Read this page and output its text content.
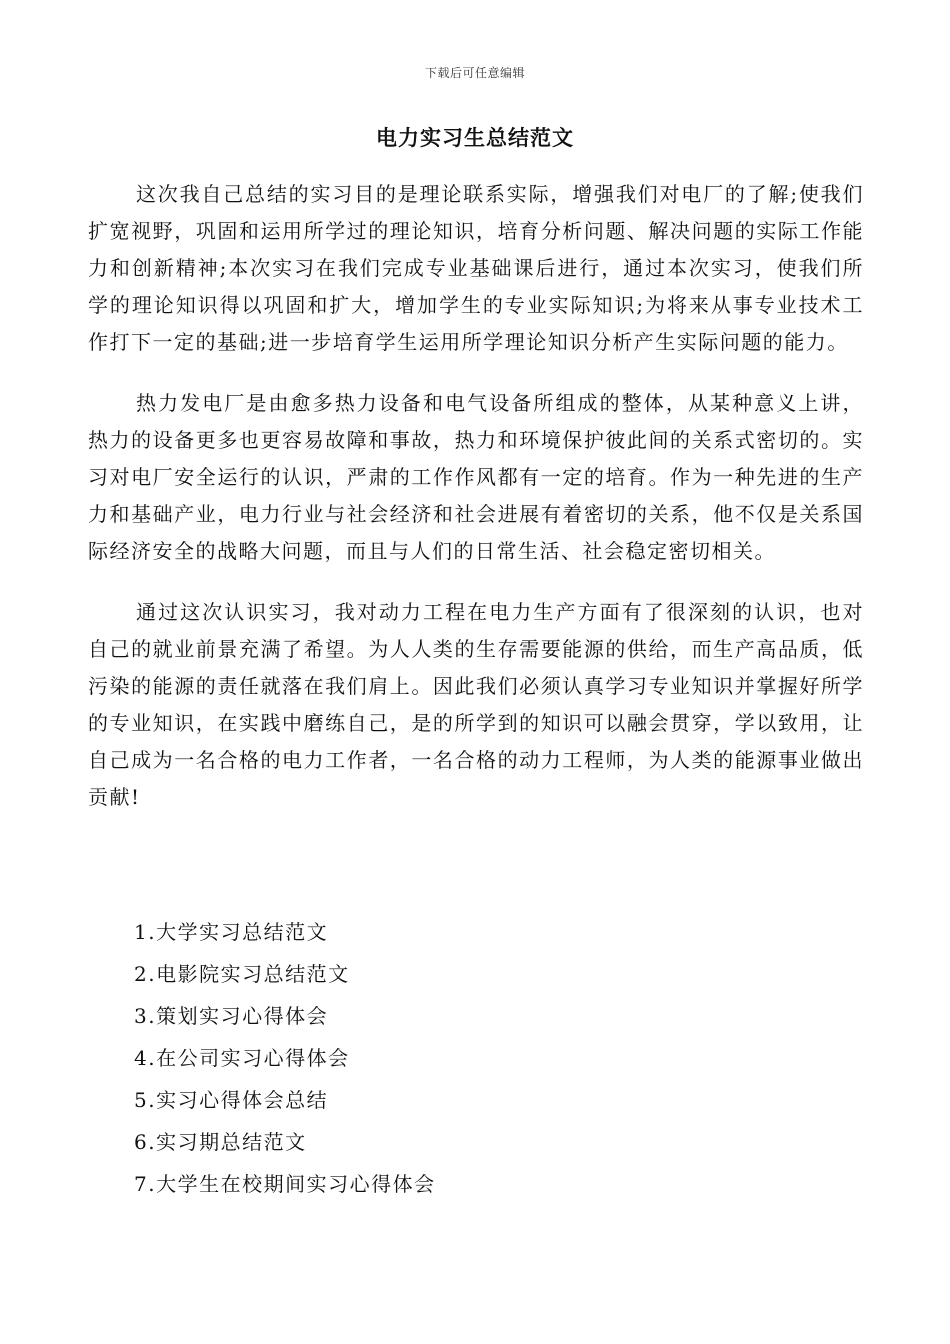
下载后可任意编辑
电力实习生总结范文

这次我自己总结的实习目的是理论联系实际，增强我们对电厂的了解;使我们扩宽视野，巩固和运用所学过的理论知识，培育分析问题、解决问题的实际工作能力和创新精神;本次实习在我们完成专业基础课后进行，通过本次实习，使我们所学的理论知识得以巩固和扩大，增加学生的专业实际知识;为将来从事专业技术工作打下一定的基础;进一步培育学生运用所学理论知识分析产生实际问题的能力。

热力发电厂是由愈多热力设备和电气设备所组成的整体，从某种意义上讲，热力的设备更多也更容易故障和事故，热力和环境保护彼此间的关系式密切的。实习对电厂安全运行的认识，严肃的工作作风都有一定的培育。作为一种先进的生产力和基础产业，电力行业与社会经济和社会进展有着密切的关系，他不仅是关系国际经济安全的战略大问题，而且与人们的日常生活、社会稳定密切相关。

通过这次认识实习，我对动力工程在电力生产方面有了很深刻的认识，也对自己的就业前景充满了希望。为人人类的生存需要能源的供给，而生产高品质，低污染的能源的责任就落在我们肩上。因此我们必须认真学习专业知识并掌握好所学的专业知识，在实践中磨练自己，是的所学到的知识可以融会贯穿，学以致用，让自己成为一名合格的电力工作者，一名合格的动力工程师，为人类的能源事业做出贡献!

1.大学实习总结范文
2.电影院实习总结范文
3.策划实习心得体会
4.在公司实习心得体会
5.实习心得体会总结
6.实习期总结范文
7.大学生在校期间实习心得体会
